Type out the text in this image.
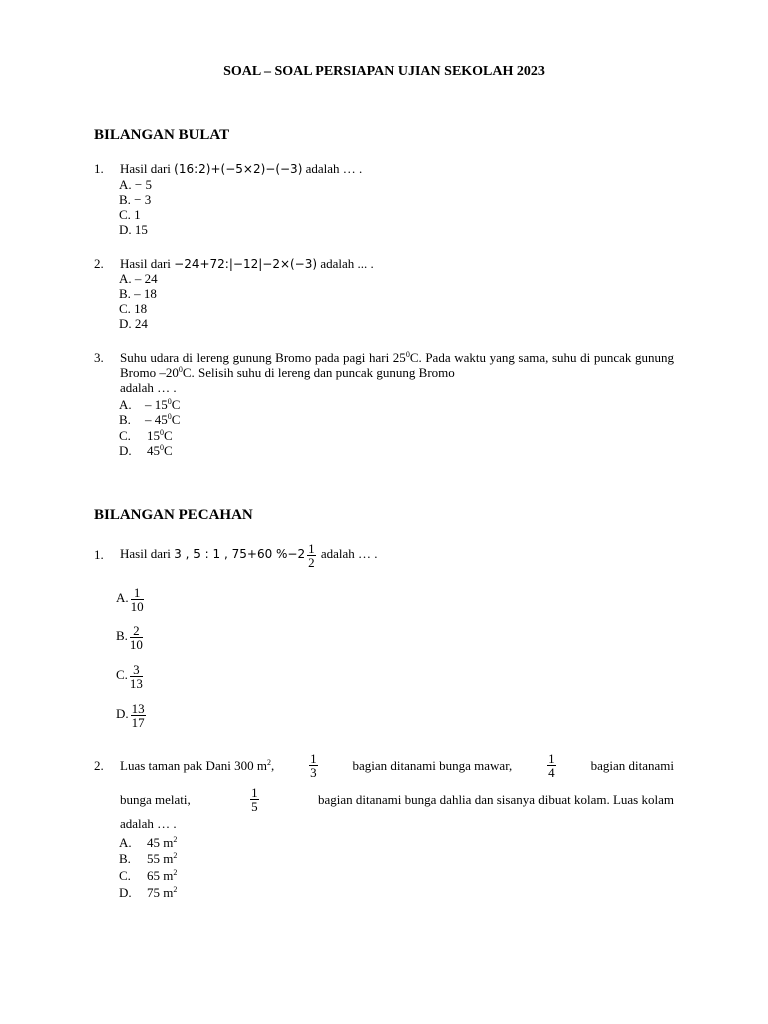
SOAL – SOAL PERSIAPAN UJIAN SEKOLAH 2023
BILANGAN BULAT
1. Hasil dari (16:2)+(−5×2)−(−3) adalah … .
A. − 5
B. − 3
C. 1
D. 15
2. Hasil dari −24+72:|−12|−2×(−3) adalah ... .
A. – 24
B. – 18
C. 18
D. 24
3. Suhu udara di lereng gunung Bromo pada pagi hari $25^0C$. Pada waktu yang sama, suhu di puncak gunung Bromo $-20^0C$. Selisih suhu di lereng dan puncak gunung Bromo
adalah … .
A. – $15^0C$
B. – $45^0C$
C. $15^0C$
D. $45^0C$
BILANGAN PECAHAN
1. Hasil dari 3 , 5 : 1 , 75+60 $\%-2 \frac{1}{2}$ adalah … .
A. $\frac{1}{10}$
B. $\frac{2}{10}$
C. $\frac{3}{13}$
D. $\frac{13}{17}$
2. Luas taman pak Dani 300 $m^2$,	$\frac{1}{3}$	bagian ditanami bunga mawar,	$\frac{1}{4}$	bagian ditanami
bunga melati,	$\frac{1}{5}$	bagian ditanami bunga dahlia dan sisanya dibuat kolam. Luas kolam
adalah … .
A. 45 $m^2$
B. 55 $m^2$
C. 65 $m^2$
D. 75 $m^2$
